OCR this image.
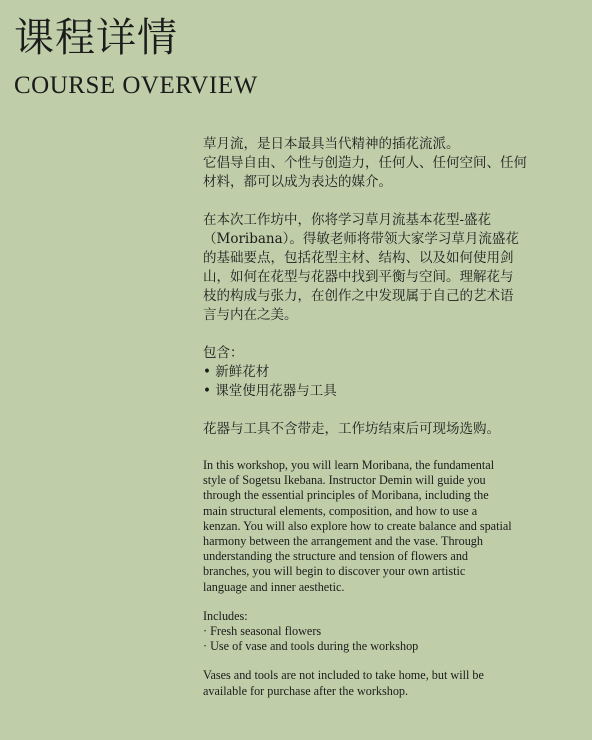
课程详情
COURSE OVERVIEW

草月流，是日本最具当代精神的插花流派。

它倡导自由、个性与创造力，任何人、任何空间、任何

材料，都可以成为表达的媒介。

在本次工作坊中，你将学习草月流基本花型-盛花

（Moribana）。得敏老师将带领大家学习草月流盛花

的基础要点，包括花型主材、结构、以及如何使用剑

山，如何在花型与花器中找到平衡与空间。理解花与

枝的构成与张力，在创作之中发现属于自己的艺术语

言与内在之美。

包含：

• 新鲜花材
• 课堂使用花器与工具

花器与工具不含带走，工作坊结束后可现场选购。

In this workshop, you will learn Moribana, the fundamental

style of Sogetsu Ikebana. Instructor Demin will guide you

through the essential principles of Moribana, including the

main structural elements, composition, and how to use a

kenzan. You will also explore how to create balance and spatial

harmony between the arrangement and the vase. Through

understanding the structure and tension of flowers and

branches, you will begin to discover your own artistic

language and inner aesthetic.

Includes:

· Fresh seasonal flowers
· Use of vase and tools during the workshop

Vases and tools are not included to take home, but will be

available for purchase after the workshop.
